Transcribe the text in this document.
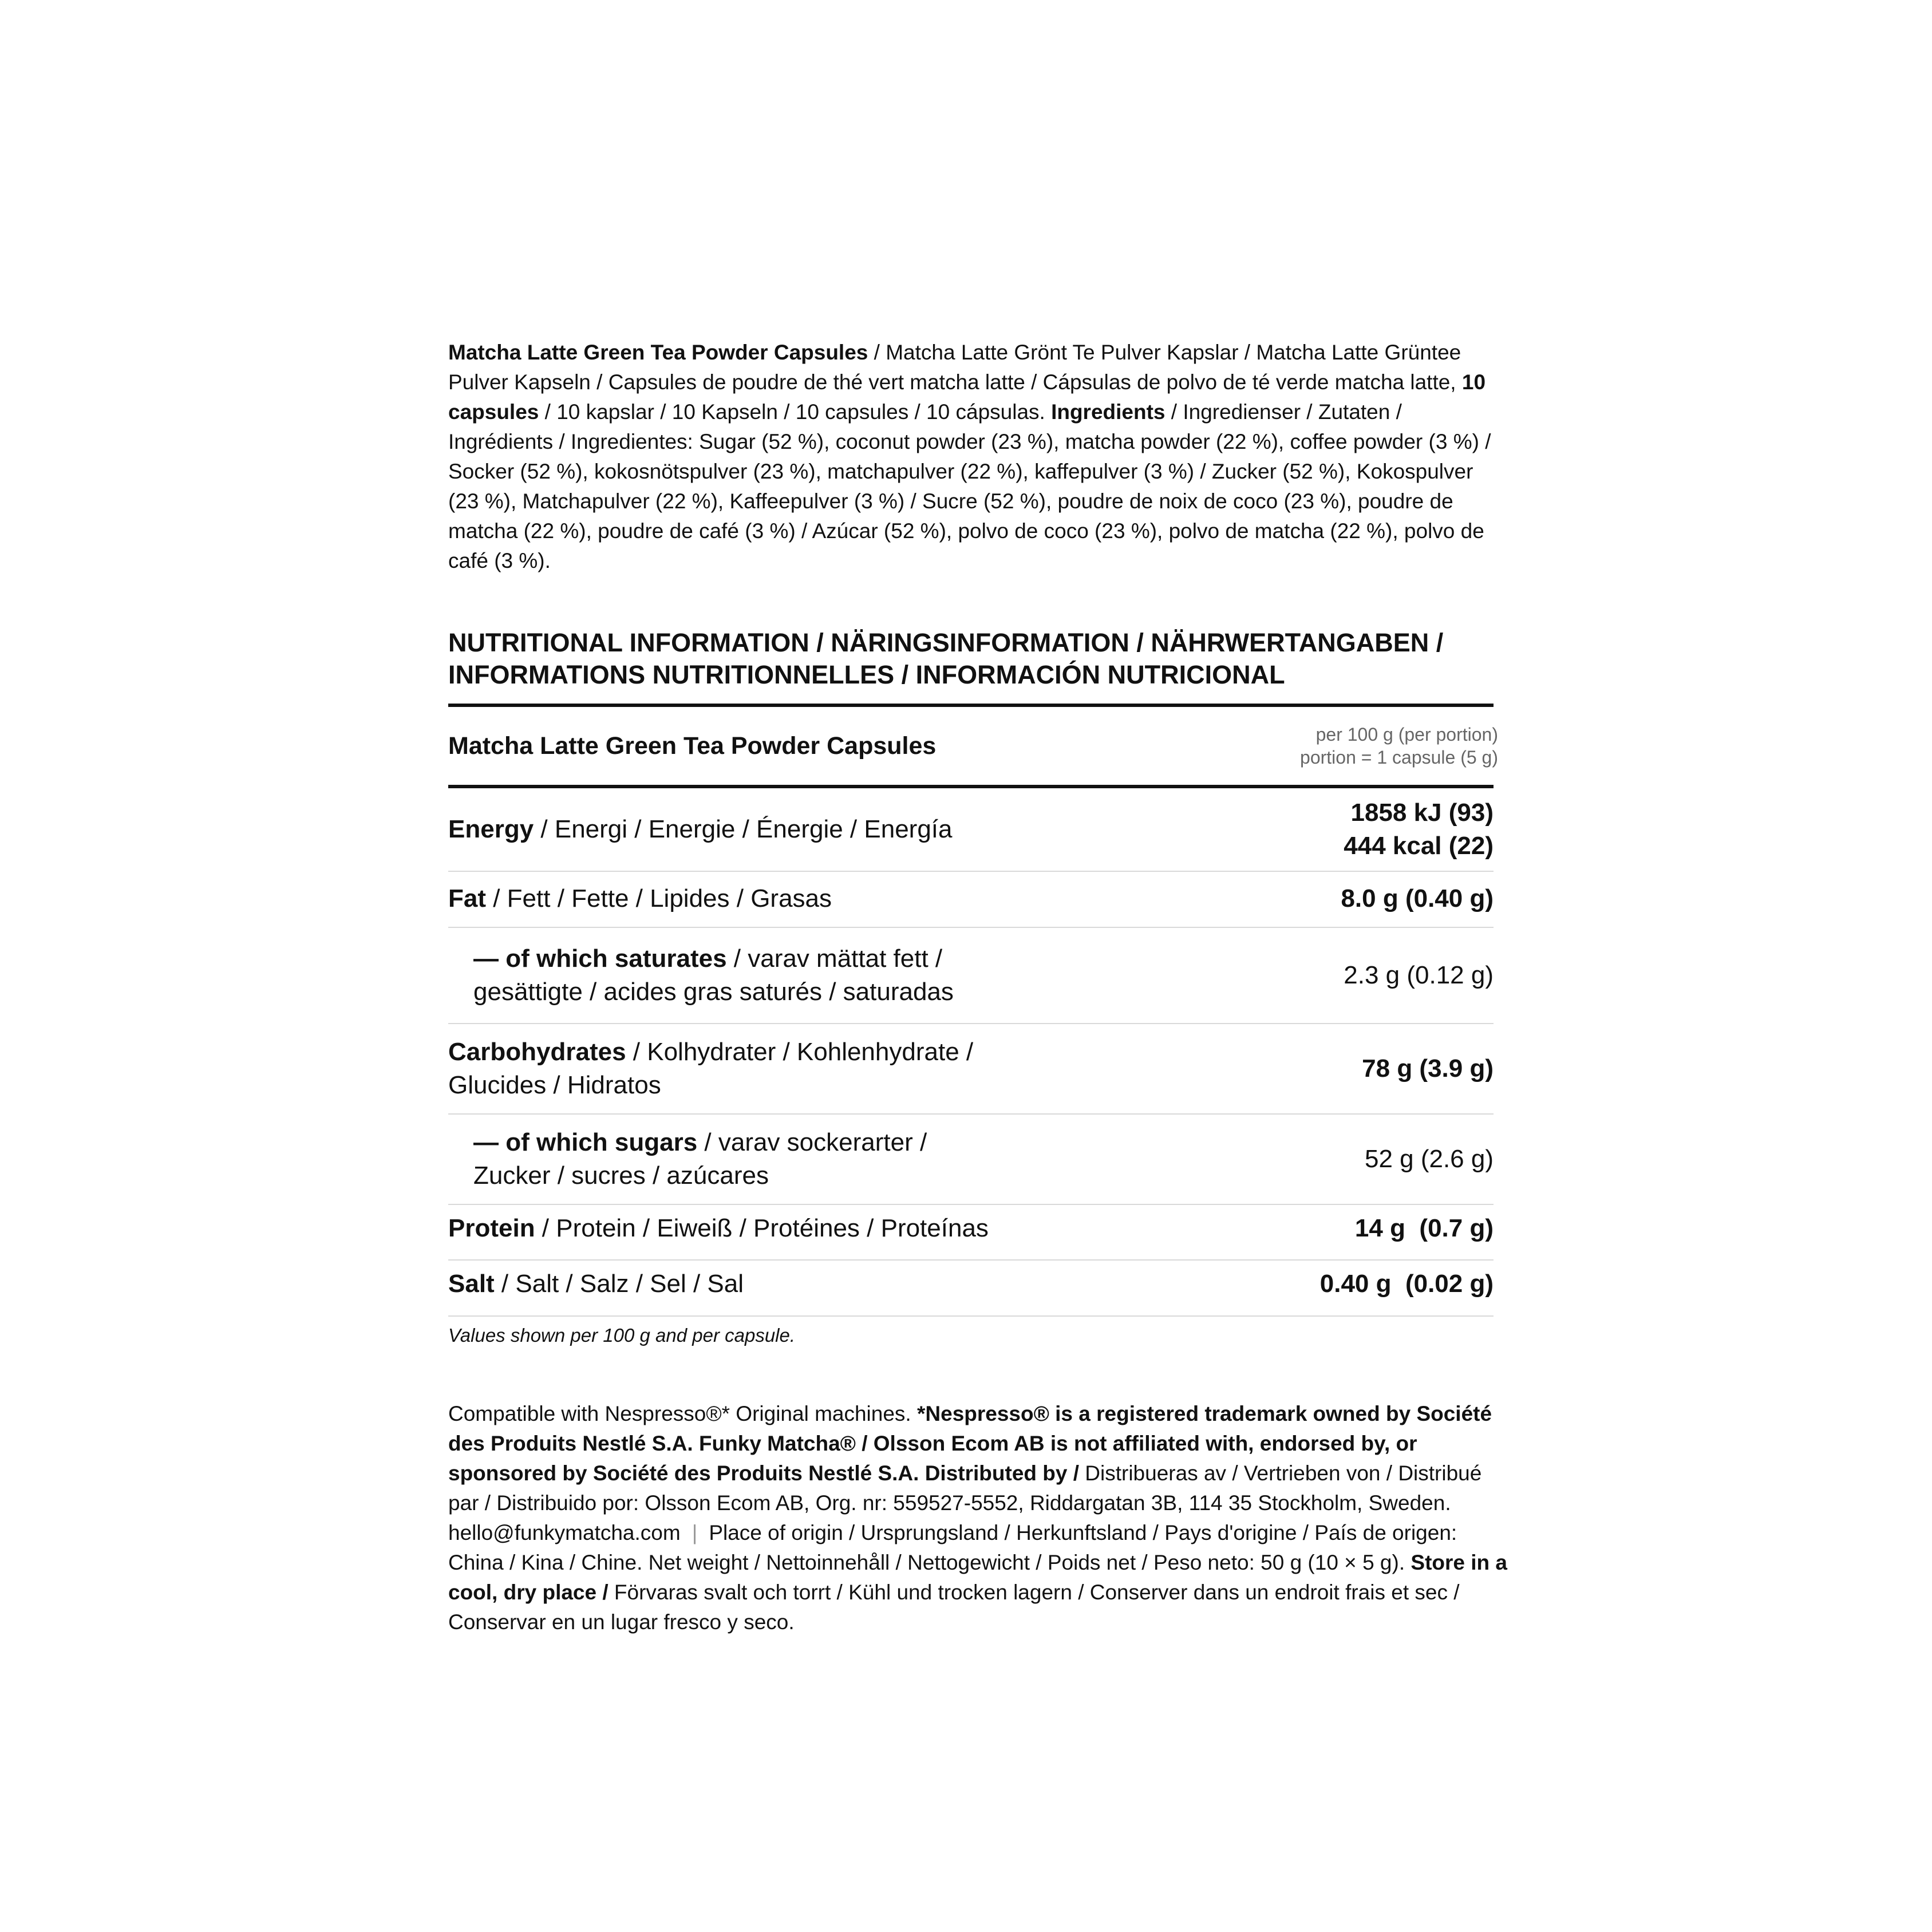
Matcha Latte Green Tea Powder Capsules / Matcha Latte Grönt Te Pulver Kapslar / Matcha Latte Grüntee Pulver Kapseln / Capsules de poudre de thé vert matcha latte / Cápsulas de polvo de té verde matcha latte, 10 capsules / 10 kapslar / 10 Kapseln / 10 capsules / 10 cápsulas. Ingredients / Ingredienser / Zutaten / Ingrédients / Ingredientes: Sugar (52 %), coconut powder (23 %), matcha powder (22 %), coffee powder (3 %) / Socker (52 %), kokosnötspulver (23 %), matchapulver (22 %), kaffepulver (3 %) / Zucker (52 %), Kokospulver (23 %), Matchapulver (22 %), Kaffeepulver (3 %) / Sucre (52 %), poudre de noix de coco (23 %), poudre de matcha (22 %), poudre de café (3 %) / Azúcar (52 %), polvo de coco (23 %), polvo de matcha (22 %), polvo de café (3 %).

NUTRITIONAL INFORMATION / NÄRINGSINFORMATION / NÄHRWERTANGABEN /
INFORMATIONS NUTRITIONNELLES / INFORMACIÓN NUTRICIONAL
Matcha Latte Green Tea Powder Capsules	per 100 g (per portion)
portion = 1 capsule (5 g)
Energy / Energi / Energie / Énergie / Energía
1858 kJ (93)
444 kcal (22)
Fat / Fett / Fette / Lipides / Grasas	8.0 g (0.40 g)
— of which saturates / varav mättat fett /
gesättigte / acides gras saturés / saturadas
2.3 g (0.12 g)
Carbohydrates / Kolhydrater / Kohlenhydrate /
Glucides / Hidratos
78 g (3.9 g)
— of which sugars / varav sockerarter /
Zucker / sucres / azúcares
52 g (2.6 g)
Protein / Protein / Eiweiß / Protéines / Proteínas	14 g  (0.7 g)
Salt / Salt / Salz / Sel / Sal	0.40 g  (0.02 g)
Values shown per 100 g and per capsule.

Compatible with Nespresso®* Original machines. *Nespresso® is a registered trademark owned by Société des Produits Nestlé S.A. Funky Matcha® / Olsson Ecom AB is not affiliated with, endorsed by, or sponsored by Société des Produits Nestlé S.A. Distributed by / Distribueras av / Vertrieben von / Distribué par / Distribuido por: Olsson Ecom AB, Org. nr: 559527-5552, Riddargatan 3B, 114 35 Stockholm, Sweden. hello@funkymatcha.com | Place of origin / Ursprungsland / Herkunftsland / Pays d'origine / País de origen: China / Kina / Chine. Net weight / Nettoinnehåll / Nettogewicht / Poids net / Peso neto: 50 g (10 × 5 g). Store in a cool, dry place / Förvaras svalt och torrt / Kühl und trocken lagern / Conserver dans un endroit frais et sec / Conservar en un lugar fresco y seco.
